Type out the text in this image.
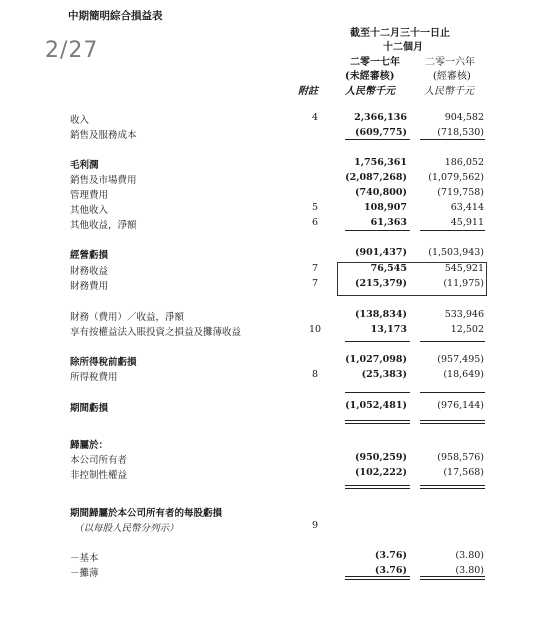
2/27
中期簡明綜合損益表
截至十二月三十一日止
十二個月
二零一七年	二零一六年
(未經審核)	(經審核)
附註	人民幣千元	人民幣千元
收入	4	2,366,136	904,582
銷售及服務成本	(609,775)	(718,530)
毛利潤	1,756,361	186,052
銷售及市場費用	(2,087,268) (1,079,562)
管理費用	(740,800)	(719,758)
其他收入	5	108,907	63,414
其他收益，淨額	6	61,363	45,911
經營虧損	(901,437) (1,503,943)
財務收益	7	76,545	545,921
財務費用	7	(215,379)	(11,975)
財務（費用）／收益，淨額	(138,834)	533,946
享有按權益法入賬投資之損益及攤薄收益	10	13,173	12,502
除所得稅前虧損	(1,027,098)	(957,495)
所得稅費用	8	(25,383)	(18,649)
期間虧損	(1,052,481)	(976,144)
歸屬於：
本公司所有者	(950,259)	(958,576)
非控制性權益	(102,222)	(17,568)
期間歸屬於本公司所有者的每股虧損
（以每股人民幣分列示）	9
－基本	(3.76)	(3.80)
－攤薄	(3.76)	(3.80)
